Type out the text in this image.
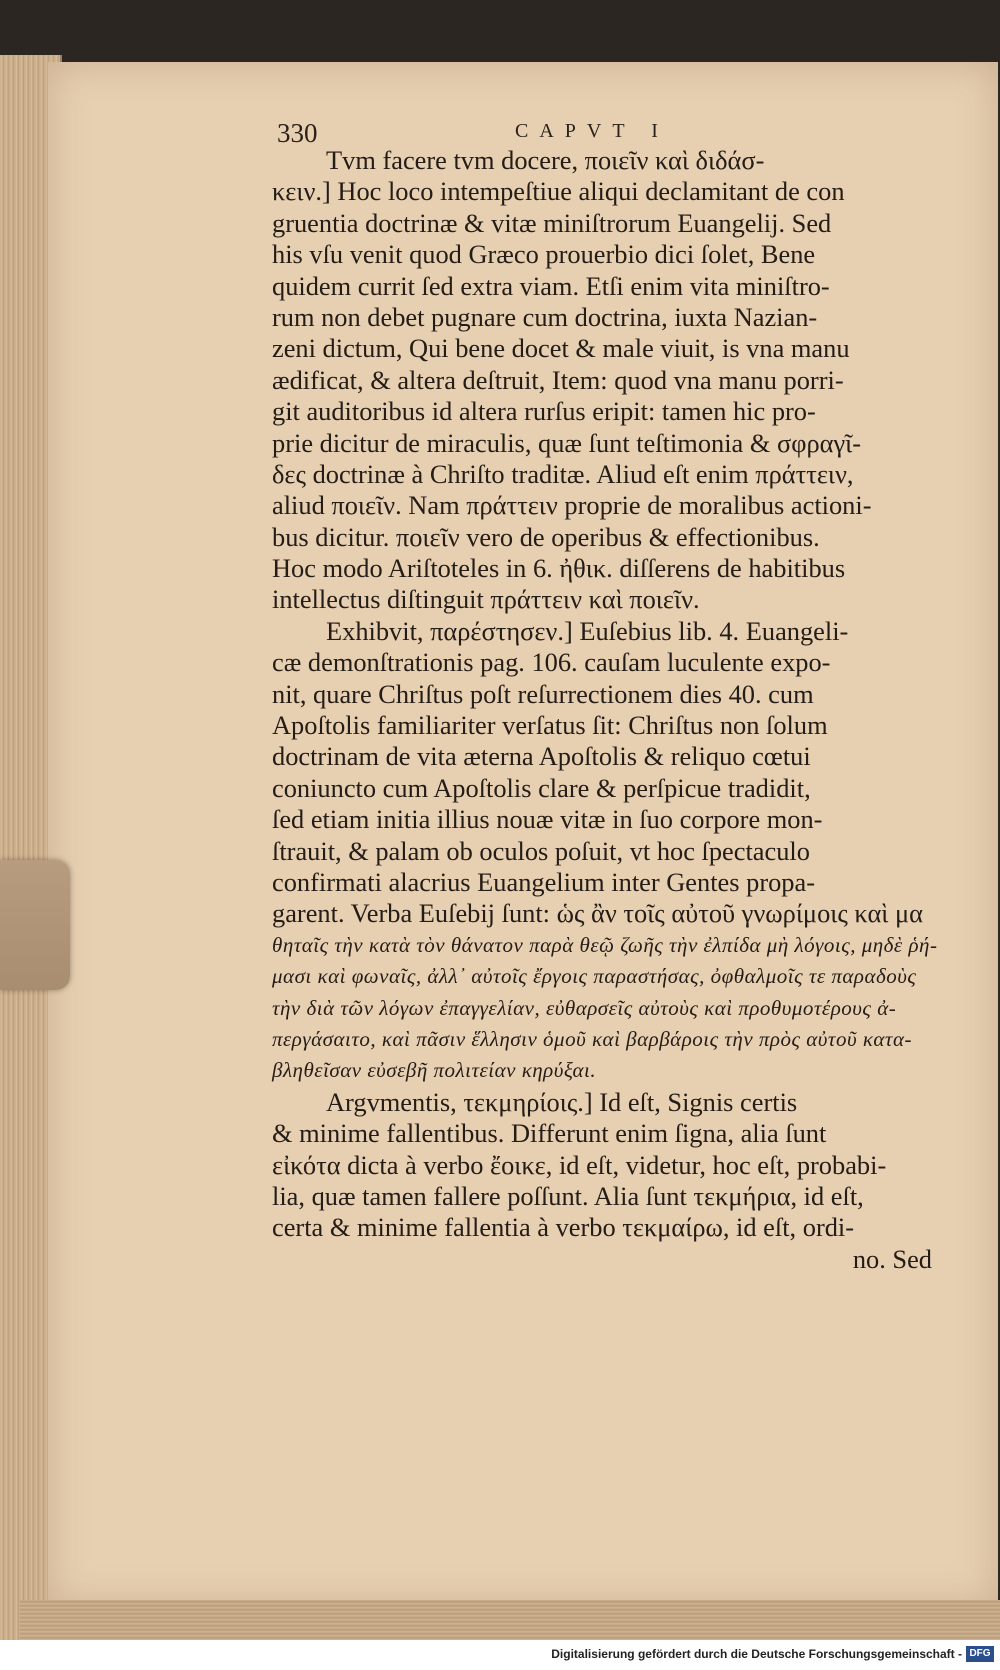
330	CAPVT I
Tvm facere tvm docere, ποιεῖν καὶ διδάσ-
κειν.] Hoc loco intempeſtiue aliqui declamitant de con
gruentia doctrinæ & vitæ miniſtrorum Euangelij. Sed
his vſu venit quod Græco prouerbio dici ſolet, Bene
quidem currit ſed extra viam. Etſi enim vita miniſtro-
rum non debet pugnare cum doctrina, iuxta Nazian-
zeni dictum, Qui bene docet & male viuit, is vna manu
ædificat, & altera deſtruit, Item: quod vna manu porri-
git auditoribus id altera rurſus eripit: tamen hic pro-
prie dicitur de miraculis, quæ ſunt teſtimonia & σφραγῖ-
δες doctrinæ à Chriſto traditæ. Aliud eſt enim πράττειν,
aliud ποιεῖν. Nam πράττειν proprie de moralibus actioni-
bus dicitur. ποιεῖν vero de operibus & effectionibus.
Hoc modo Ariſtoteles in 6. ἠθικ. diſſerens de habitibus
intellectus diſtinguit πράττειν καὶ ποιεῖν.
Exhibvit, παρέστησεν.] Euſebius lib. 4. Euangeli-
cæ demonſtrationis pag. 106. cauſam luculente expo-
nit, quare Chriſtus poſt reſurrectionem dies 40. cum
Apoſtolis familiariter verſatus ſit: Chriſtus non ſolum
doctrinam de vita æterna Apoſtolis & reliquo cœtui
coniuncto cum Apoſtolis clare & perſpicue tradidit,
ſed etiam initia illius nouæ vitæ in ſuo corpore mon-
ſtrauit, & palam ob oculos poſuit, vt hoc ſpectaculo
confirmati alacrius Euangelium inter Gentes propa-
garent. Verba Euſebij ſunt: ὡς ἂν τοῖς αὐτοῦ γνωρίμοις καὶ μα
θηταῖς τὴν κατὰ τὸν θάνατον παρὰ θεῷ ζωῆς τὴν ἐλπίδα μὴ λόγοις, μηδὲ ῥή-
μασι καὶ φωναῖς, ἀλλ᾽ αὐτοῖς ἔργοις παραστήσας, ὀφθαλμοῖς τε παραδοὺς
τὴν διὰ τῶν λόγων ἐπαγγελίαν, εὐθαρσεῖς αὐτοὺς καὶ προθυμοτέρους ἀ-
περγάσαιτο, καὶ πᾶσιν ἕλλησιν ὁμοῦ καὶ βαρβάροις τὴν πρὸς αὐτοῦ κατα-
βληθεῖσαν εὐσεβῆ πολιτείαν κηρύξαι.
Argvmentis, τεκμηρίοις.] Id eſt, Signis certis
& minime fallentibus. Differunt enim ſigna, alia ſunt
εἰκότα dicta à verbo ἔοικε, id eſt, videtur, hoc eſt, probabi-
lia, quæ tamen fallere poſſunt. Alia ſunt τεκμήρια, id eſt,
certa & minime fallentia à verbo τεκμαίρω, id eſt, ordi-
no. Sed
Digitalisierung gefördert durch die Deutsche Forschungsgemeinschaft - DFG
